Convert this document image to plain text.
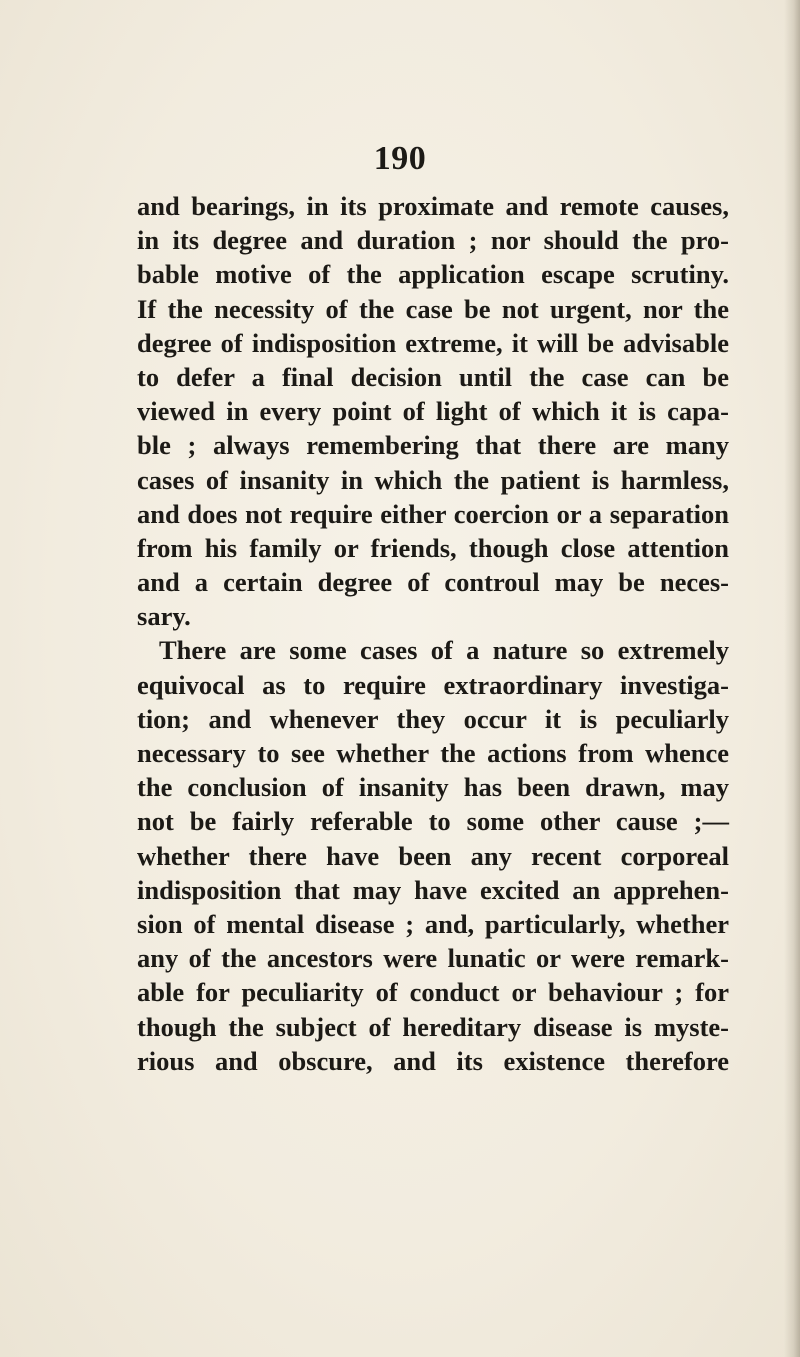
190
and bearings, in its proximate and remote causes,
in its degree and duration ; nor should the pro-
bable motive of the application escape scrutiny.
If the necessity of the case be not urgent, nor the
degree of indisposition extreme, it will be advisable
to defer a final decision until the case can be
viewed in every point of light of which it is capa-
ble ; always remembering that there are many
cases of insanity in which the patient is harmless,
and does not require either coercion or a separation
from his family or friends, though close attention
and a certain degree of controul may be neces-
sary.
There are some cases of a nature so extremely
equivocal as to require extraordinary investiga-
tion; and whenever they occur it is peculiarly
necessary to see whether the actions from whence
the conclusion of insanity has been drawn, may
not be fairly referable to some other cause ;—
whether there have been any recent corporeal
indisposition that may have excited an apprehen-
sion of mental disease ; and, particularly, whether
any of the ancestors were lunatic or were remark-
able for peculiarity of conduct or behaviour ; for
though the subject of hereditary disease is myste-
rious and obscure, and its existence therefore
